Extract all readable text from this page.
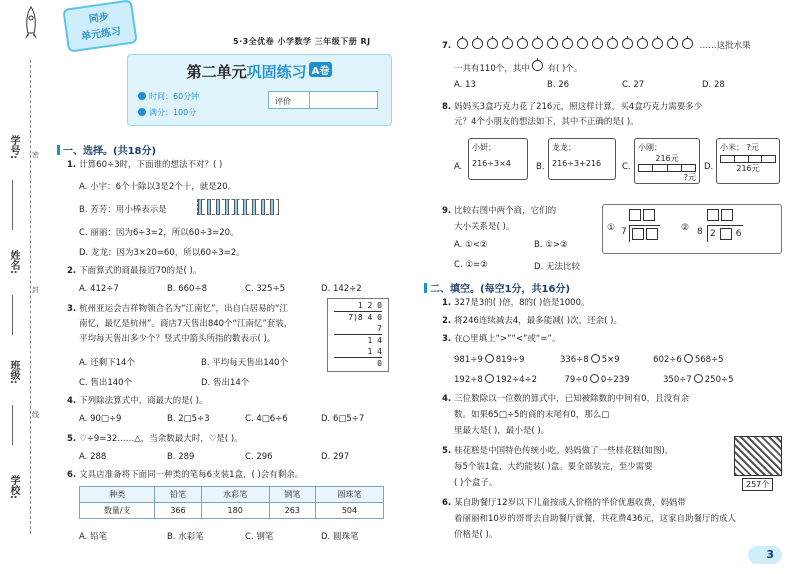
学号:
姓名:
班级:
学校:
密
封
线
同步
单元练习	5·3全优卷 小学数学 三年级下册 RJ
第二单元巩固练习 A卷
时间：60分钟
满分：100分
评价
一、选择。(共18分)
1. 计算60÷3时，下面谁的想法不对？( )
A. 小宇：6个十除以3是2个十，就是20。
B. 芳芳：用小棒表示是
C. 丽丽：因为6÷3=2，所以60÷3=20。
D. 龙龙：因为3×20=60，所以60÷3=2。
2. 下面算式的商最接近70的是( )。
A. 412÷7	B. 660÷8	C. 325÷5	D. 142÷2
3. 杭州亚运会吉祥物领合名为“江南忆”，出自白居易的“江
南忆，最忆是杭州”。商店7天售出840个“江南忆”套装，
平均每天售出多少个？竖式中箭头所指的数表示( )。
1 2 0
7)8 4 0
7
1 4
1 4
0
A. 还剩下14个	B. 平均每天售出140个
C. 售出140个	D. 售出14个
4. 下列除法算式中，商最大的是( )。
A. 90□÷9	B. 2□5÷3	C. 4□6÷6	D. 6□5÷7
5. ♡÷9=32……△，当余数最大时，♡是( )。
A. 288	B. 289	C. 296	D. 297
6. 文具店准备将下面同一种类的笔每6支装1盒，( )会有剩余。
种类	铅笔	水彩笔	钢笔	圆珠笔
数量/支	366	180	263	504
A. 铅笔	B. 水彩笔	C. 钢笔	D. 圆珠笔
7.	……这批水果
一共有110个，其中 有( )个。
A. 13	B. 26	C. 27	D. 28
8. 妈妈买3盒巧克力花了216元，照这样计算，买4盒巧克力需要多少
元？4个小朋友的想法如下，其中不正确的是( )。
A.
小妍：
216÷3×4	B.
龙龙：
216÷3+216	C.
小刚：
216元
?元
D.
小米： ?元
216元
9. 比较右图中两个商，它们的
大小关系是( )。
A. ①<②	B. ①>②
C. ①=②	D. 无法比较
① 7	② 8 2 6
二、填空。(每空1分，共16分)
1. 327是3的( )倍，8的( )倍是1000。
2. 将246连续减去4，最多能减( )次，还余( )。
3. 在○里填上“>”“<”或“=”。
981÷9 819÷9	336÷8 5×9	602÷6 568÷5
192÷8 192÷4÷2	79÷0 0÷239	350÷7 250÷5
4. 三位数除以一位数的算式中，已知被除数的中间有0，且没有余
数。如果65□÷5的商的末尾有0，那么□
里最大是( )，最小是( )。
5. 桂花糕是中国特色传统小吃。妈妈做了一些桂花糕(如图)，
每5个装1盒，大约能装( )盒。要全部装完，至少需要
( )个盒子。	257个
6. 某自助餐厅12岁以下儿童按成人价格的半价优惠收费，妈妈带
着丽丽和10岁的哥哥去自助餐厅就餐，共花费436元，这家自助餐厅的成人
价格是( )。
3
